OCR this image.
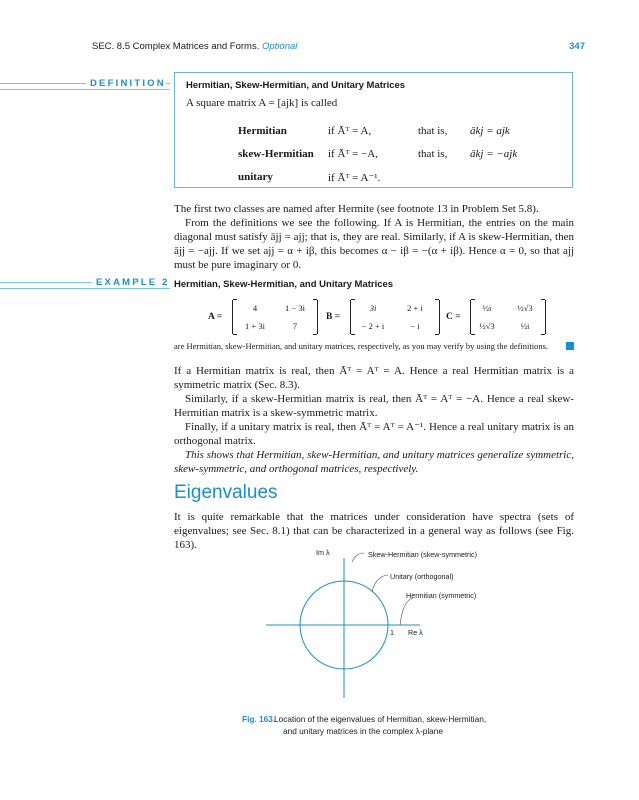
SEC. 8.5 Complex Matrices and Forms. Optional	347
DEFINITION Hermitian, Skew-Hermitian, and Unitary Matrices
A square matrix A = [ajk] is called
Hermitian	if Āᵀ = A,	that is, ākj = ajk
skew-Hermitian if Āᵀ = −A,	that is, ākj = −ajk
unitary	if Āᵀ = A⁻¹.

The first two classes are named after Hermite (see footnote 13 in Problem Set 5.8).

From the definitions we see the following. If A is Hermitian, the entries on the main diagonal must satisfy ājj = ajj; that is, they are real. Similarly, if A is skew-Hermitian, then ājj = −ajj. If we set ajj = α + iβ, this becomes α − iβ = −(α + iβ). Hence α = 0, so that ajj must be pure imaginary or 0.

EXAMPLE 2 Hermitian, Skew-Hermitian, and Unitary Matrices
A =
4	1 − 3i
1 + 3i	7
B =
3i	2 + i
− 2 + i	− i
C =
½i	½√3
½√3	½i
are Hermitian, skew-Hermitian, and unitary matrices, respectively, as you may verify by using the definitions.

If a Hermitian matrix is real, then Āᵀ = Aᵀ = A. Hence a real Hermitian matrix is a symmetric matrix (Sec. 8.3).

Similarly, if a skew-Hermitian matrix is real, then Āᵀ = Aᵀ = −A. Hence a real skew-Hermitian matrix is a skew-symmetric matrix.

Finally, if a unitary matrix is real, then Āᵀ = Aᵀ = A⁻¹. Hence a real unitary matrix is an orthogonal matrix.

This shows that Hermitian, skew-Hermitian, and unitary matrices generalize symmetric, skew-symmetric, and orthogonal matrices, respectively.

Eigenvalues

It is quite remarkable that the matrices under consideration have spectra (sets of eigenvalues; see Sec. 8.1) that can be characterized in a general way as follows (see Fig. 163).

Im λ	Skew-Hermitian (skew-symmetric)
Unitary (orthogonal)
Hermitian (symmetric)
1 Re λ
Fig. 163.
Location of the eigenvalues of Hermitian, skew-Hermitian,
and unitary matrices in the complex λ-plane
